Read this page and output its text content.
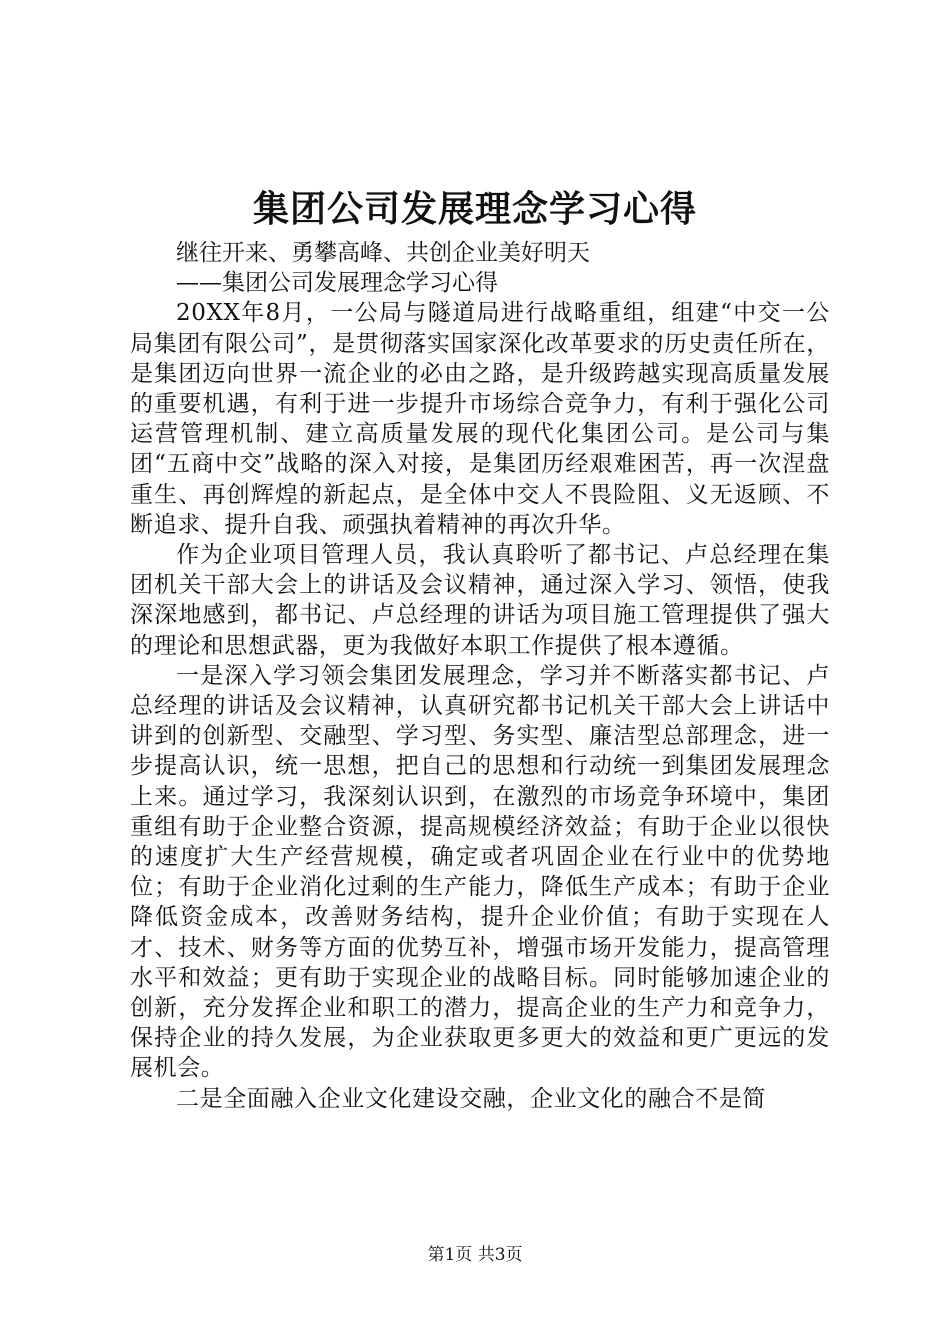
集团公司发展理念学习心得

继往开来、勇攀高峰、共创企业美好明天

——集团公司发展理念学习心得

20XX年8月，一公局与隧道局进行战略重组，组建“中交一公局集团有限公司”，是贯彻落实国家深化改革要求的历史责任所在，是集团迈向世界一流企业的必由之路，是升级跨越实现高质量发展的重要机遇，有利于进一步提升市场综合竞争力，有利于强化公司运营管理机制、建立高质量发展的现代化集团公司。是公司与集团“五商中交”战略的深入对接，是集团历经艰难困苦，再一次涅盘重生、再创辉煌的新起点，是全体中交人不畏险阻、义无返顾、不断追求、提升自我、顽强执着精神的再次升华。

作为企业项目管理人员，我认真聆听了都书记、卢总经理在集团机关干部大会上的讲话及会议精神，通过深入学习、领悟，使我深深地感到，都书记、卢总经理的讲话为项目施工管理提供了强大的理论和思想武器，更为我做好本职工作提供了根本遵循。

一是深入学习领会集团发展理念，学习并不断落实都书记、卢总经理的讲话及会议精神，认真研究都书记机关干部大会上讲话中讲到的创新型、交融型、学习型、务实型、廉洁型总部理念，进一步提高认识，统一思想，把自己的思想和行动统一到集团发展理念上来。通过学习，我深刻认识到，在激烈的市场竞争环境中，集团重组有助于企业整合资源，提高规模经济效益；有助于企业以很快的速度扩大生产经营规模，确定或者巩固企业在行业中的优势地位；有助于企业消化过剩的生产能力，降低生产成本；有助于企业降低资金成本，改善财务结构，提升企业价值；有助于实现在人才、技术、财务等方面的优势互补，增强市场开发能力，提高管理水平和效益；更有助于实现企业的战略目标。同时能够加速企业的创新，充分发挥企业和职工的潜力，提高企业的生产力和竞争力，保持企业的持久发展，为企业获取更多更大的效益和更广更远的发展机会。

二是全面融入企业文化建设交融，企业文化的融合不是简

第1页 共3页
